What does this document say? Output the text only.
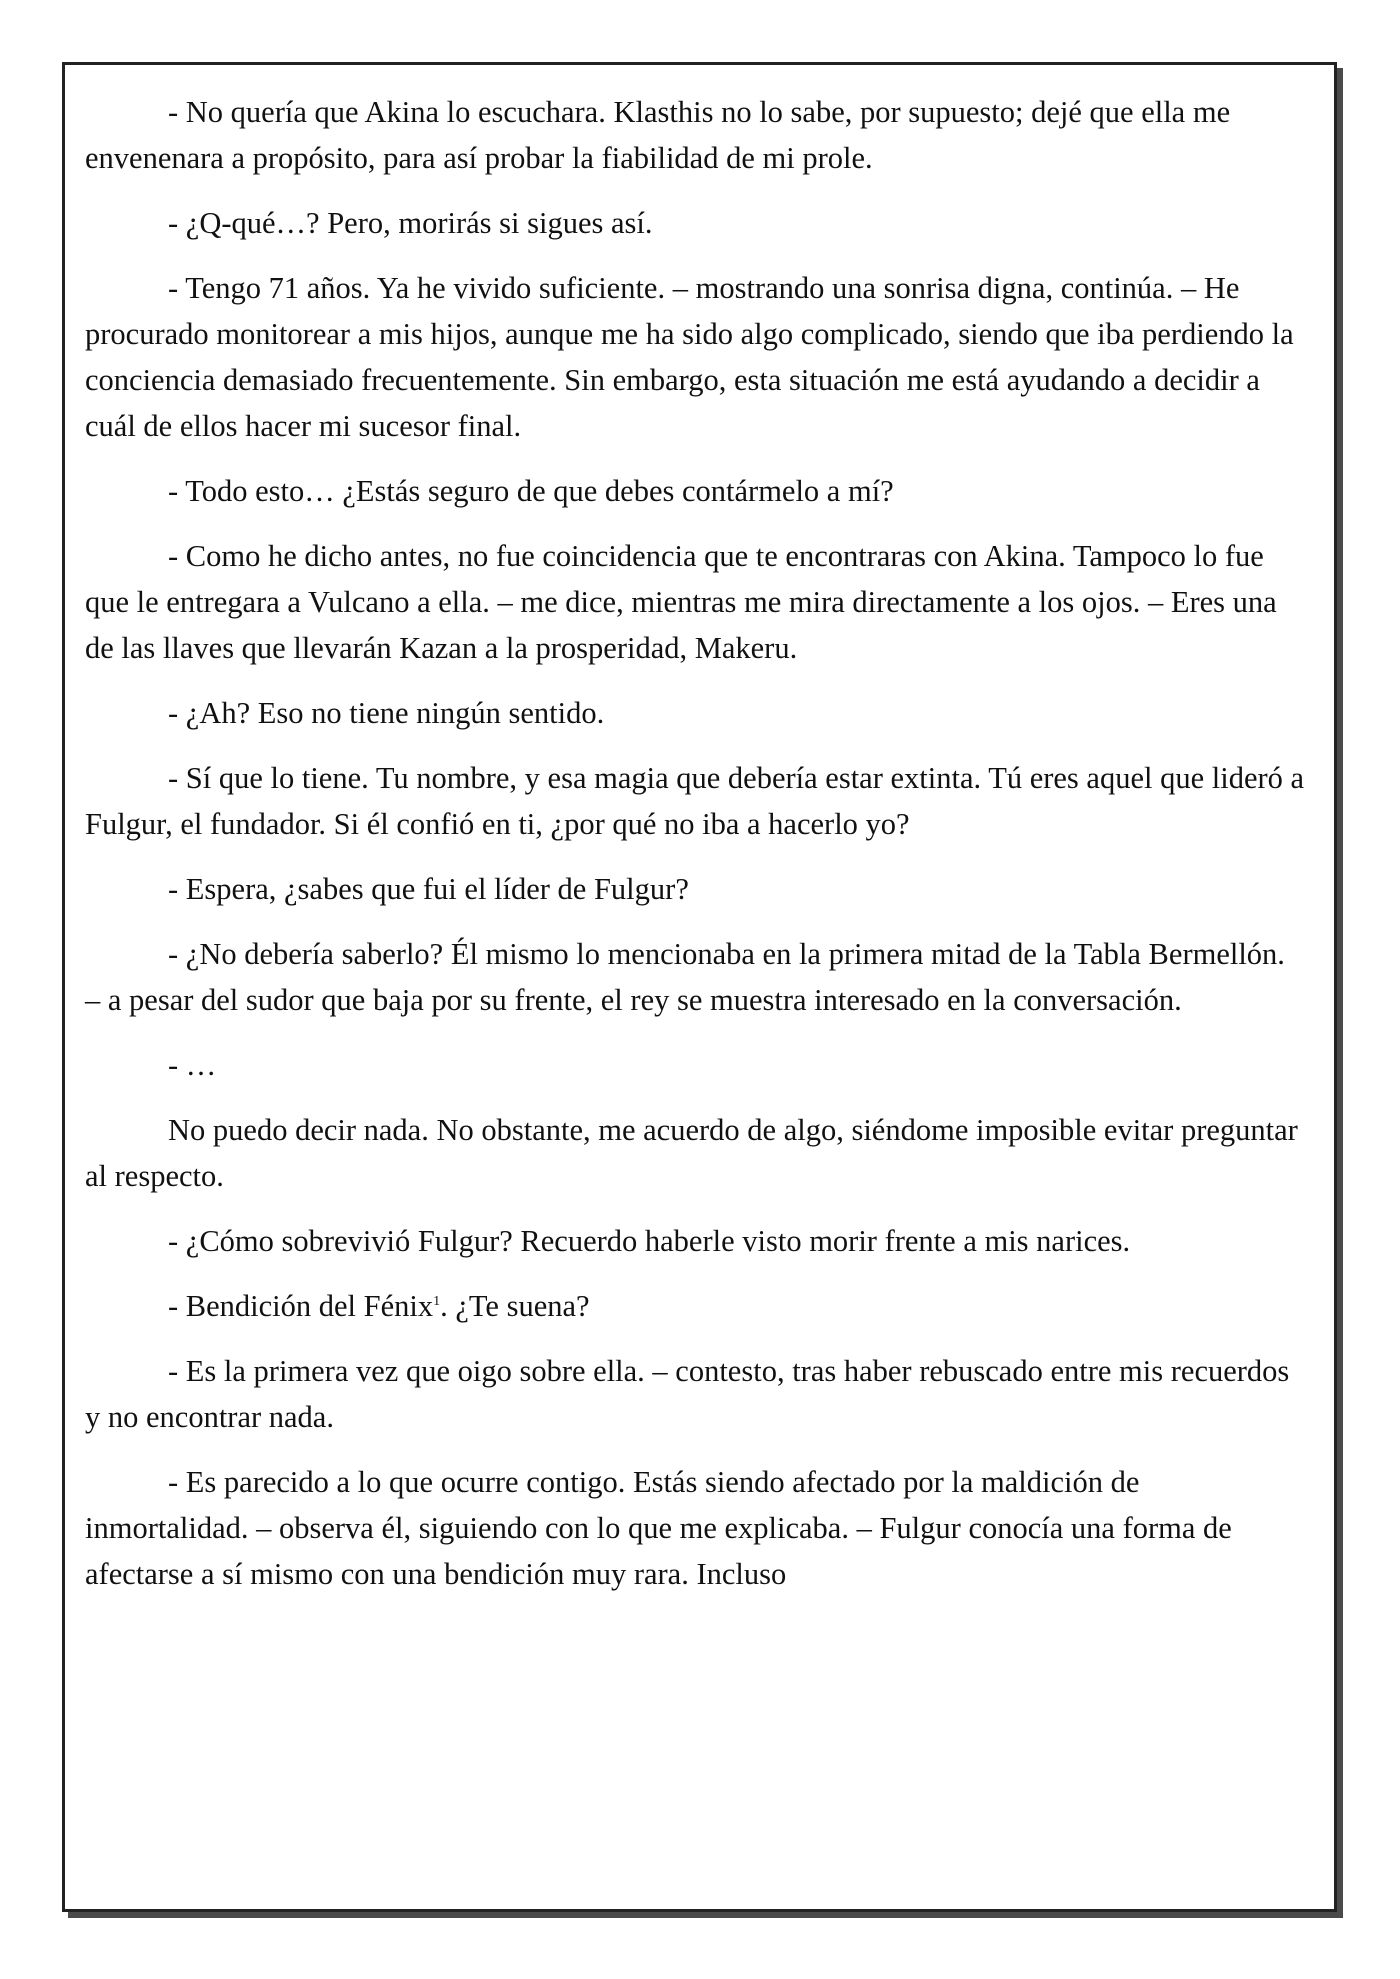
- No quería que Akina lo escuchara. Klasthis no lo sabe, por supuesto; dejé que ella me envenenara a propósito, para así probar la fiabilidad de mi prole.

- ¿Q-qué…? Pero, morirás si sigues así.

- Tengo 71 años. Ya he vivido suficiente. – mostrando una sonrisa digna, continúa. – He procurado monitorear a mis hijos, aunque me ha sido algo complicado, siendo que iba perdiendo la conciencia demasiado frecuentemente. Sin embargo, esta situación me está ayudando a decidir a cuál de ellos hacer mi sucesor final.

- Todo esto… ¿Estás seguro de que debes contármelo a mí?

- Como he dicho antes, no fue coincidencia que te encontraras con Akina. Tampoco lo fue que le entregara a Vulcano a ella. – me dice, mientras me mira directamente a los ojos. – Eres una de las llaves que llevarán Kazan a la prosperidad, Makeru.

- ¿Ah? Eso no tiene ningún sentido.

- Sí que lo tiene. Tu nombre, y esa magia que debería estar extinta. Tú eres aquel que lideró a Fulgur, el fundador. Si él confió en ti, ¿por qué no iba a hacerlo yo?

- Espera, ¿sabes que fui el líder de Fulgur?

- ¿No debería saberlo? Él mismo lo mencionaba en la primera mitad de la Tabla Bermellón. – a pesar del sudor que baja por su frente, el rey se muestra interesado en la conversación.

- …

No puedo decir nada. No obstante, me acuerdo de algo, siéndome imposible evitar preguntar al respecto.

- ¿Cómo sobrevivió Fulgur? Recuerdo haberle visto morir frente a mis narices.

- Bendición del Fénix$^1$. ¿Te suena?

- Es la primera vez que oigo sobre ella. – contesto, tras haber rebuscado entre mis recuerdos y no encontrar nada.

- Es parecido a lo que ocurre contigo. Estás siendo afectado por la maldición de inmortalidad. – observa él, siguiendo con lo que me explicaba. – Fulgur conocía una forma de afectarse a sí mismo con una bendición muy rara. Incluso
